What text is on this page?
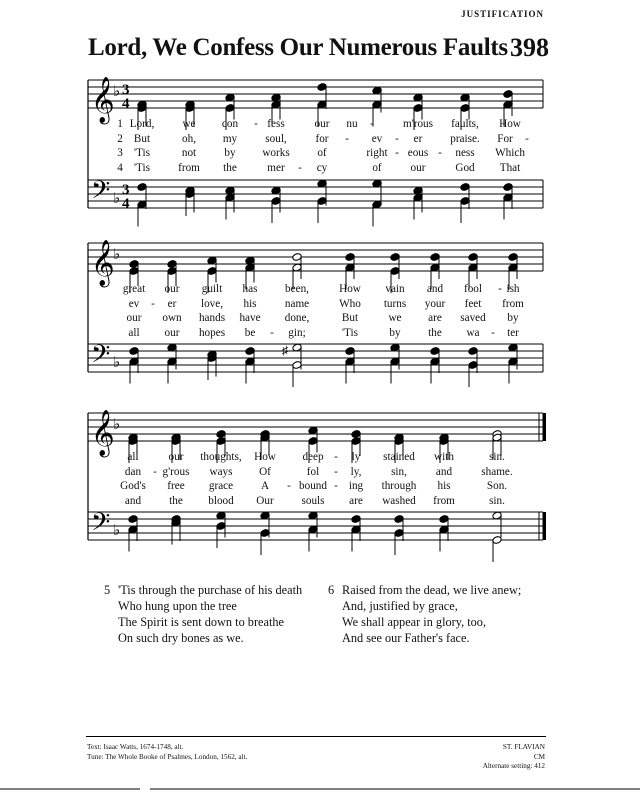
JUSTIFICATION
Lord, We Confess Our Numerous Faults 398
𝄞
𝄢
♭
♭
3
3
4
4
1 Lord,	we con - fess	our nu -	m'rous faults, How
2 But	oh, my	soul,	for - ev - er praise. For -
3 'Tis	not	by works of	right - eous - ness Which
4 'Tis	from the	mer - cy	of	our	God That
𝄞
𝄢
♭
♭
♯
great our guilt has been,	How vain and fool - ish
ev - er love, his	name	Who turns your feet from
our own hands have done,	But	we are saved by
all our hopes be - gin;	'Tis	by the wa - ter
𝄞
𝄢
♭
♭
all	our thoughts, How deep - ly stained with	sin.
dan - g'rous ways Of	fol - ly,	sin,	and	shame.
God's free grace A - bound - ing through his	Son.
and	the blood Our souls are washed from	sin.
5 'Tis through the purchase of his death
Who hung upon the tree
The Spirit is sent down to breathe
On such dry bones as we.
6 Raised from the dead, we live anew;
And, justified by grace,
We shall appear in glory, too,
And see our Father's face.
Text: Isaac Watts, 1674-1748, alt.
Tune: The Whole Booke of Psalmes, London, 1562, alt.
ST. FLAVIAN
CM
Alternate setting: 412
